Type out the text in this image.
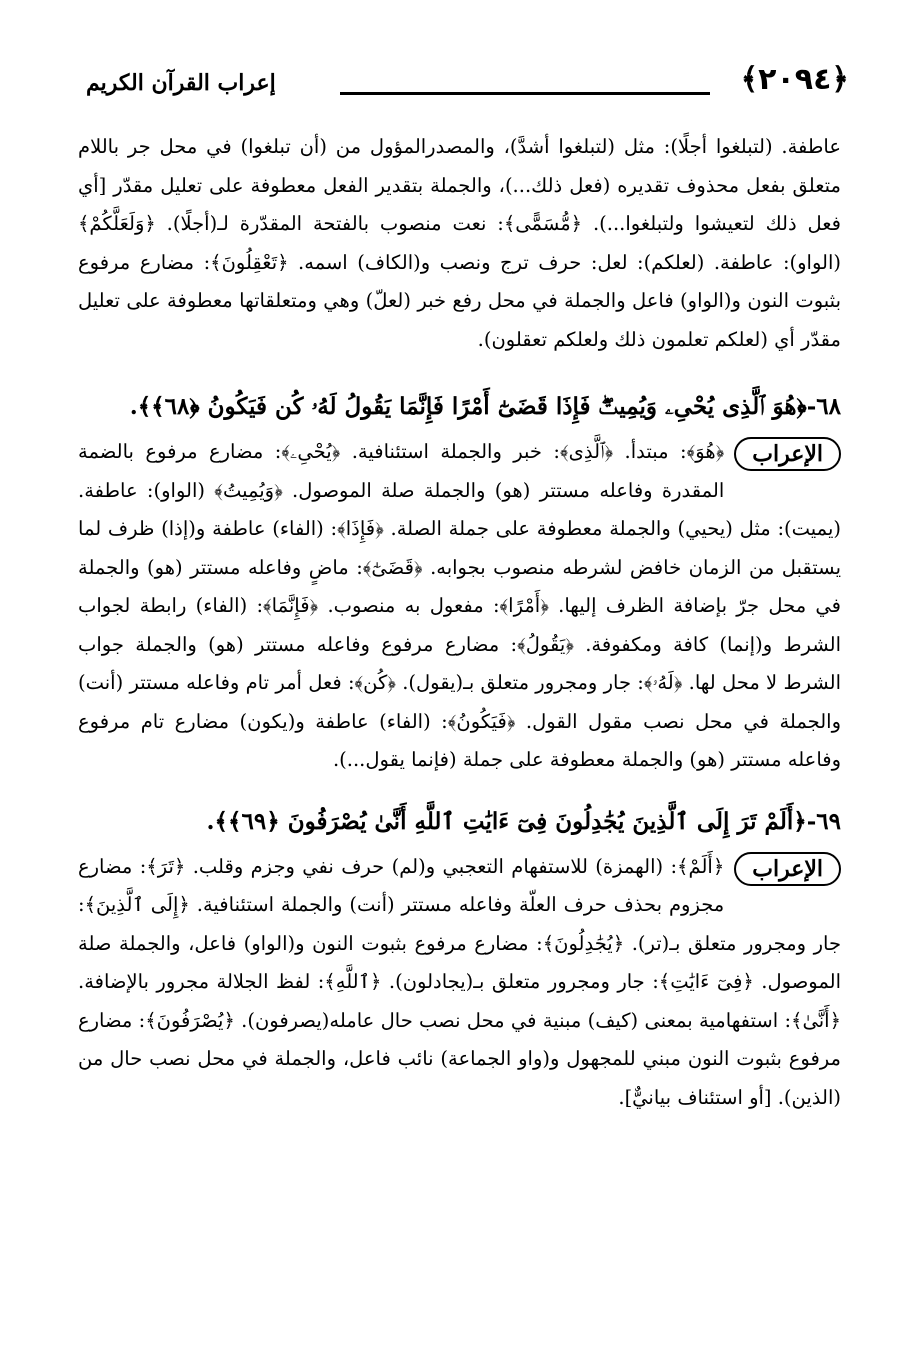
﴿٢٠٩٤﴾
إعراب القرآن الكريم

عاطفة. (لتبلغوا أجلًا): مثل (لتبلغوا أشدَّ)، والمصدرالمؤول من (أن تبلغوا) في محل جر باللام متعلق بفعل محذوف تقديره (فعل ذلك...)، والجملة بتقدير الفعل معطوفة على تعليل مقدّر [أي فعل ذلك لتعيشوا ولتبلغوا...). ﴿مُّسَمًّى﴾: نعت منصوب بالفتحة المقدّرة لـ(أجلًا). ﴿وَلَعَلَّكُمْ﴾ (الواو): عاطفة. (لعلكم): لعل: حرف ترج ونصب و(الكاف) اسمه. ﴿تَعْقِلُونَ﴾: مضارع مرفوع بثبوت النون و(الواو) فاعل والجملة في محل رفع خبر (لعلّ) وهي ومتعلقاتها معطوفة على تعليل مقدّر أي (لعلكم تعلمون ذلك ولعلكم تعقلون).

٦٨-﴿هُوَ ٱلَّذِى يُحْىِۦ وَيُمِيتُۖ فَإِذَا قَضَىٰٓ أَمْرًا فَإِنَّمَا يَقُولُ لَهُۥ كُن فَيَكُونُ ﴿٦٨﴾﴾.

الإعراب

﴿هُوَ﴾: مبتدأ. ﴿ٱلَّذِى﴾: خبر والجملة استئنافية. ﴿يُحْىِۦ﴾: مضارع مرفوع بالضمة المقدرة وفاعله مستتر (هو) والجملة صلة الموصول. ﴿وَيُمِيتُ﴾ (الواو): عاطفة. (يميت): مثل (يحيي) والجملة معطوفة على جملة الصلة. ﴿فَإِذَا﴾: (الفاء) عاطفة و(إذا) ظرف لما يستقبل من الزمان خافض لشرطه منصوب بجوابه. ﴿قَضَىٰٓ﴾: ماضٍ وفاعله مستتر (هو) والجملة في محل جرّ بإضافة الظرف إليها. ﴿أَمْرًا﴾: مفعول به منصوب. ﴿فَإِنَّمَا﴾: (الفاء) رابطة لجواب الشرط و(إنما) كافة ومكفوفة. ﴿يَقُولُ﴾: مضارع مرفوع وفاعله مستتر (هو) والجملة جواب الشرط لا محل لها. ﴿لَهُۥ﴾: جار ومجرور متعلق بـ(يقول). ﴿كُن﴾: فعل أمر تام وفاعله مستتر (أنت) والجملة في محل نصب مقول القول. ﴿فَيَكُونُ﴾: (الفاء) عاطفة و(يكون) مضارع تام مرفوع وفاعله مستتر (هو) والجملة معطوفة على جملة (فإنما يقول...).

٦٩-﴿أَلَمْ تَرَ إِلَى ٱلَّذِينَ يُجَٰدِلُونَ فِىٓ ءَايَٰتِ ٱللَّهِ أَنَّىٰ يُصْرَفُونَ ﴿٦٩﴾﴾.

الإعراب

﴿أَلَمْ﴾: (الهمزة) للاستفهام التعجبي و(لم) حرف نفي وجزم وقلب. ﴿تَرَ﴾: مضارع مجزوم بحذف حرف العلّة وفاعله مستتر (أنت) والجملة استئنافية. ﴿إِلَى ٱلَّذِينَ﴾: جار ومجرور متعلق بـ(تر). ﴿يُجَٰدِلُونَ﴾: مضارع مرفوع بثبوت النون و(الواو) فاعل، والجملة صلة الموصول. ﴿فِىٓ ءَايَٰتِ﴾: جار ومجرور متعلق بـ(يجادلون). ﴿ٱللَّهِ﴾: لفظ الجلالة مجرور بالإضافة. ﴿أَنَّىٰ﴾: استفهامية بمعنى (كيف) مبنية في محل نصب حال عامله(يصرفون). ﴿يُصْرَفُونَ﴾: مضارع مرفوع بثبوت النون مبني للمجهول و(واو الجماعة) نائب فاعل، والجملة في محل نصب حال من (الذين). [أو استئناف بيانيٌّ].
